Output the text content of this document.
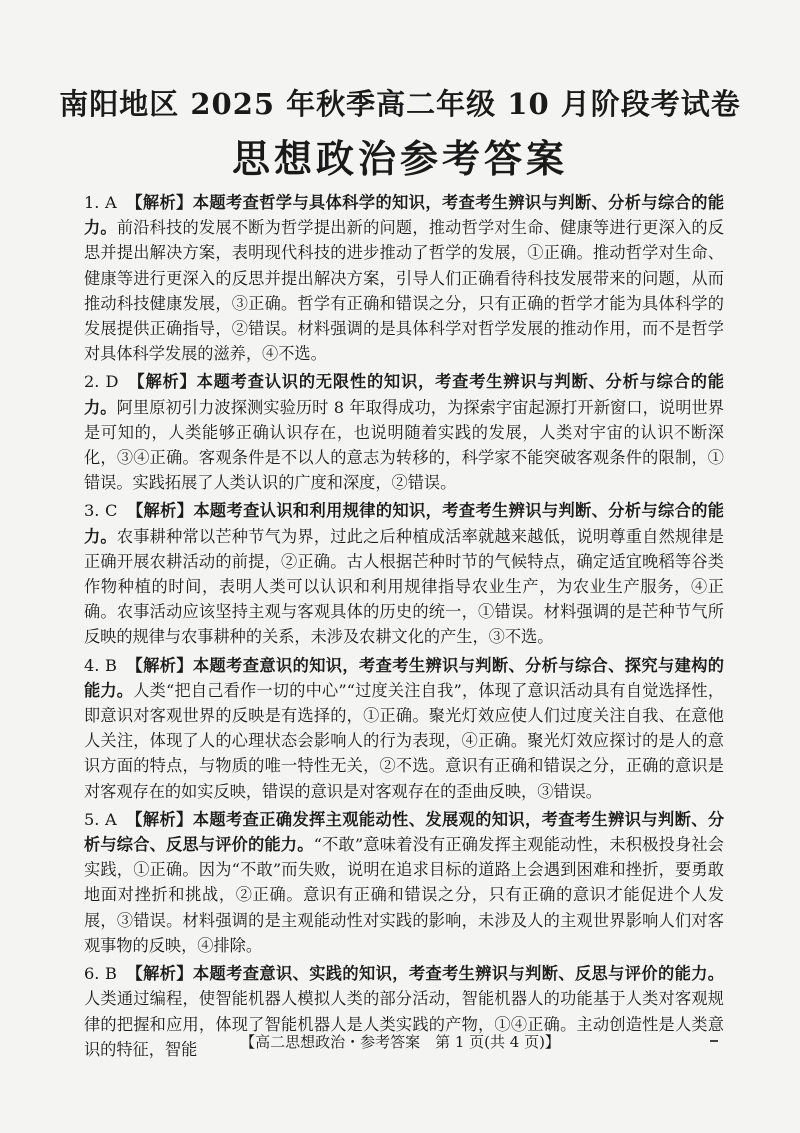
南阳地区 2025 年秋季高二年级 10 月阶段考试卷
思想政治参考答案
1. A 【解析】本题考查哲学与具体科学的知识，考查考生辨识与判断、分析与综合的能力。前沿科技的发展不断为哲学提出新的问题，推动哲学对生命、健康等进行更深入的反思并提出解决方案，表明现代科技的进步推动了哲学的发展，①正确。推动哲学对生命、健康等进行更深入的反思并提出解决方案，引导人们正确看待科技发展带来的问题，从而推动科技健康发展，③正确。哲学有正确和错误之分，只有正确的哲学才能为具体科学的发展提供正确指导，②错误。材料强调的是具体科学对哲学发展的推动作用，而不是哲学对具体科学发展的滋养，④不选。
2. D 【解析】本题考查认识的无限性的知识，考查考生辨识与判断、分析与综合的能力。阿里原初引力波探测实验历时 8 年取得成功，为探索宇宙起源打开新窗口，说明世界是可知的，人类能够正确认识存在，也说明随着实践的发展，人类对宇宙的认识不断深化，③④正确。客观条件是不以人的意志为转移的，科学家不能突破客观条件的限制，①错误。实践拓展了人类认识的广度和深度，②错误。
3. C 【解析】本题考查认识和利用规律的知识，考查考生辨识与判断、分析与综合的能力。农事耕种常以芒种节气为界，过此之后种植成活率就越来越低，说明尊重自然规律是正确开展农耕活动的前提，②正确。古人根据芒种时节的气候特点，确定适宜晚稻等谷类作物种植的时间，表明人类可以认识和利用规律指导农业生产，为农业生产服务，④正确。农事活动应该坚持主观与客观具体的历史的统一，①错误。材料强调的是芒种节气所反映的规律与农事耕种的关系，未涉及农耕文化的产生，③不选。
4. B 【解析】本题考查意识的知识，考查考生辨识与判断、分析与综合、探究与建构的能力。人类“把自己看作一切的中心”“过度关注自我”，体现了意识活动具有自觉选择性，即意识对客观世界的反映是有选择的，①正确。聚光灯效应使人们过度关注自我、在意他人关注，体现了人的心理状态会影响人的行为表现，④正确。聚光灯效应探讨的是人的意识方面的特点，与物质的唯一特性无关，②不选。意识有正确和错误之分，正确的意识是对客观存在的如实反映，错误的意识是对客观存在的歪曲反映，③错误。
5. A 【解析】本题考查正确发挥主观能动性、发展观的知识，考查考生辨识与判断、分析与综合、反思与评价的能力。“不敢”意味着没有正确发挥主观能动性，未积极投身社会实践，①正确。因为“不敢”而失败，说明在追求目标的道路上会遇到困难和挫折，要勇敢地面对挫折和挑战，②正确。意识有正确和错误之分，只有正确的意识才能促进个人发展，③错误。材料强调的是主观能动性对实践的影响，未涉及人的主观世界影响人们对客观事物的反映，④排除。
6. B 【解析】本题考查意识、实践的知识，考查考生辨识与判断、反思与评价的能力。人类通过编程，使智能机器人模拟人类的部分活动，智能机器人的功能基于人类对客观规律的把握和应用，体现了智能机器人是人类实践的产物，①④正确。主动创造性是人类意识的特征，智能	【高二思想政治・参考答案　第 1 页(共 4 页)】
